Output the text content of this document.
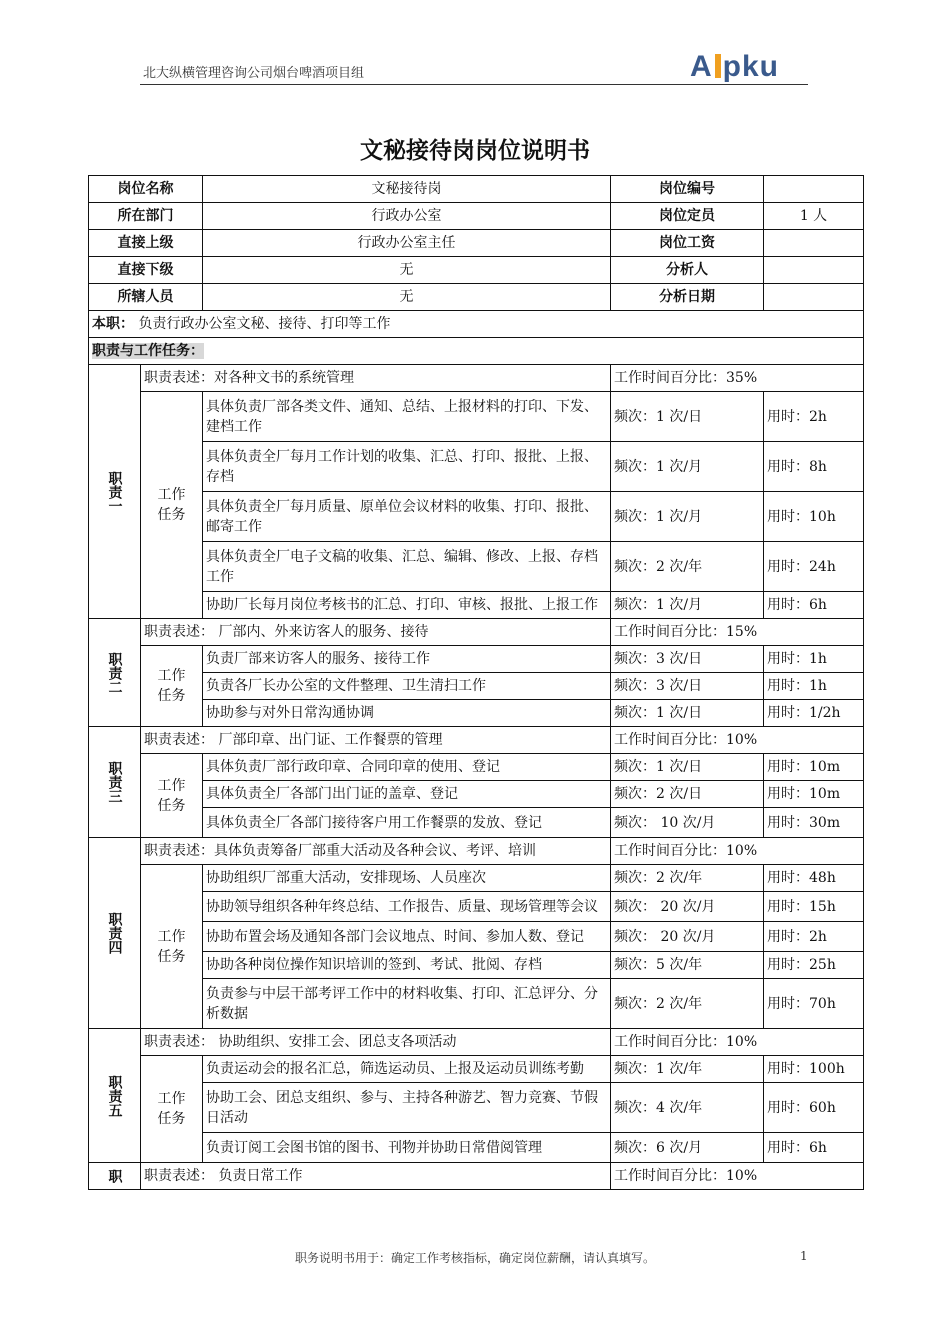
北大纵横管理咨询公司烟台啤酒项目组	A pku
文秘接待岗岗位说明书
岗位名称		文秘接待岗	岗位编号	
所在部门		行政办公室	岗位定员	1 人
直接上级		行政办公室主任	岗位工资	
直接下级		无	分析人	
所辖人员		无	分析日期	
本职： 负责行政办公室文秘、接待、打印等工作				
职责与工作任务：				
职责一	职责表述：对各种文书的系统管理		工作时间百分比：35%	
	工作任务	具体负责厂部各类文件、通知、总结、上报材料的打印、下发、建档工作	频次：1 次/日	用时：2h
		具体负责全厂每月工作计划的收集、汇总、打印、报批、上报、存档	频次：1 次/月	用时：8h
		具体负责全厂每月质量、原单位会议材料的收集、打印、报批、邮寄工作	频次：1 次/月	用时：10h
		具体负责全厂电子文稿的收集、汇总、编辑、修改、上报、存档工作	频次：2 次/年	用时：24h
		协助厂长每月岗位考核书的汇总、打印、审核、报批、上报工作	频次：1 次/月	用时：6h
职责二	职责表述： 厂部内、外来访客人的服务、接待		工作时间百分比：15%	
	工作任务	负责厂部来访客人的服务、接待工作	频次：3 次/日	用时：1h
		负责各厂长办公室的文件整理、卫生清扫工作	频次：3 次/日	用时：1h
		协助参与对外日常沟通协调	频次：1 次/日	用时：1/2h
职责三	职责表述： 厂部印章、出门证、工作餐票的管理		工作时间百分比：10%	
	工作任务	具体负责厂部行政印章、合同印章的使用、登记	频次：1 次/日	用时：10m
		具体负责全厂各部门出门证的盖章、登记	频次：2 次/日	用时：10m
		具体负责全厂各部门接待客户用工作餐票的发放、登记	频次： 10 次/月	用时：30m
职责四	职责表述：具体负责筹备厂部重大活动及各种会议、考评、培训		工作时间百分比：10%	
	工作任务	协助组织厂部重大活动，安排现场、人员座次	频次：2 次/年	用时：48h
		协助领导组织各种年终总结、工作报告、质量、现场管理等会议	频次： 20 次/月	用时：15h
		协助布置会场及通知各部门会议地点、时间、参加人数、登记	频次： 20 次/月	用时：2h
		协助各种岗位操作知识培训的签到、考试、批阅、存档	频次：5 次/年	用时：25h
		负责参与中层干部考评工作中的材料收集、打印、汇总评分、分析数据	频次：2 次/年	用时：70h
职责五	职责表述： 协助组织、安排工会、团总支各项活动		工作时间百分比：10%	
	工作任务	负责运动会的报名汇总，筛选运动员、上报及运动员训练考勤	频次：1 次/年	用时：100h
		协助工会、团总支组织、参与、主持各种游艺、智力竞赛、节假日活动	频次：4 次/年	用时：60h
		负责订阅工会图书馆的图书、刊物并协助日常借阅管理	频次：6 次/月	用时：6h
职	职责表述： 负责日常工作		工作时间百分比：10%	
职务说明书用于：确定工作考核指标，确定岗位薪酬，请认真填写。	1
